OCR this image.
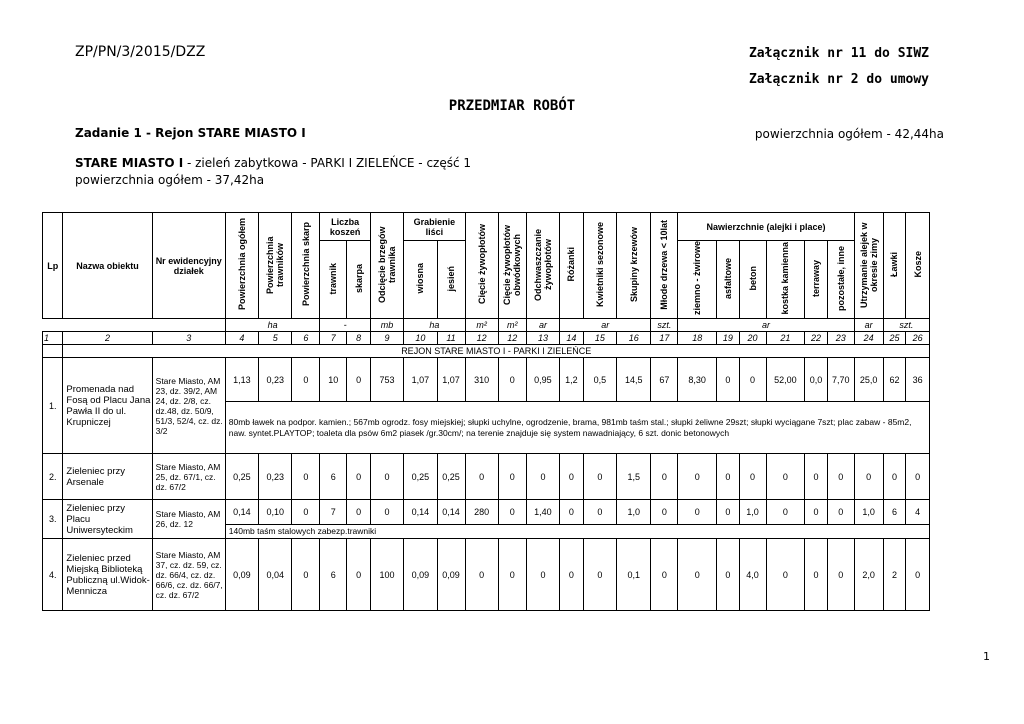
ZP/PN/3/2015/DZZ	Załącznik nr 11 do SIWZ
Załącznik nr 2 do umowy
PRZEDMIAR ROBÓT
Zadanie 1 - Rejon STARE MIASTO I	powierzchnia ogółem - 42,44ha
STARE MIASTO I - zieleń zabytkowa - PARKI I ZIELEŃCE - część 1
powierzchnia ogółem - 37,42ha
Lp	Nazwa obiektu	Nr ewidencyjny działek	Powierzchnia ogółem	Powierzchnia trawników	Powierzchnia skarp	Liczba koszeń		Odcięcie brzegów trawnika	Grabienie liści		Cięcie żywopłotów	Cięcie żywopłotów obwódkowych	Odchwaszczanie żywopłotów	Różanki	Kwietniki sezonowe	Skupiny krzewów	Młode drzewa < 10lat	Nawierzchnie (alejki i place)						Utrzymanie alejek w okresie zimy	Ławki	Kosze
						trawnik	skarpa		wiosna	jesień								ziemno - żwirowe	asfaltowe	beton	kostka kamienna	terraway	pozostałe, inne			
			ha			-		mb	ha		m²	m²	ar	ar			szt.	ar						ar	szt.	
1	2	3	4	5	6	7	8	9	10	11	12	12	13	14	15	16	17	18	19	20	21	22	23	24	25	26
	REJON STARE MIASTO I - PARKI I ZIELEŃCE																									
1.	Promenada nad Fosą od Placu Jana Pawła II do ul. Krupniczej	Stare Miasto, AM 23, dz. 39/2, AM 24, dz. 2/8, cz. dz.48, dz. 50/9, 51/3, 52/4, cz. dz. 3/2	1,13	0,23	0	10	0	753	1,07	1,07	310	0	0,95	1,2	0,5	14,5	67	8,30	0	0	52,00	0,0	7,70	25,0	62	36
			80mb ławek na podpor. kamien.; 567mb ogrodz. fosy miejskiej; słupki uchylne, ogrodzenie, brama, 981mb taśm stal.; słupki żeliwne 29szt; słupki wyciągane 7szt; plac zabaw - 85m2, naw. syntet.PLAYTOP; toaleta dla psów 6m2 piasek /gr.30cm/; na terenie znajduje się system nawadniający, 6 szt. donic betonowych																							
2.	Zieleniec przy Arsenale	Stare Miasto, AM 25, dz. 67/1, cz. dz. 67/2	0,25	0,23	0	6	0	0	0,25	0,25	0	0	0	0	0	1,5	0	0	0	0	0	0	0	0	0	0
3.	Zieleniec przy Placu Uniwersyteckim	Stare Miasto, AM 26, dz. 12	0,14	0,10	0	7	0	0	0,14	0,14	280	0	1,40	0	0	1,0	0	0	0	1,0	0	0	0	1,0	6	4
			140mb taśm stalowych zabezp.trawniki																							
4.	Zieleniec przed Miejską Biblioteką Publiczną ul.Widok-Mennicza	Stare Miasto, AM 37, cz. dz. 59, cz. dz. 66/4, cz. dz. 66/6, cz. dz. 66/7, cz. dz. 67/2	0,09	0,04	0	6	0	100	0,09	0,09	0	0	0	0	0	0,1	0	0	0	4,0	0	0	0	2,0	2	0
1
